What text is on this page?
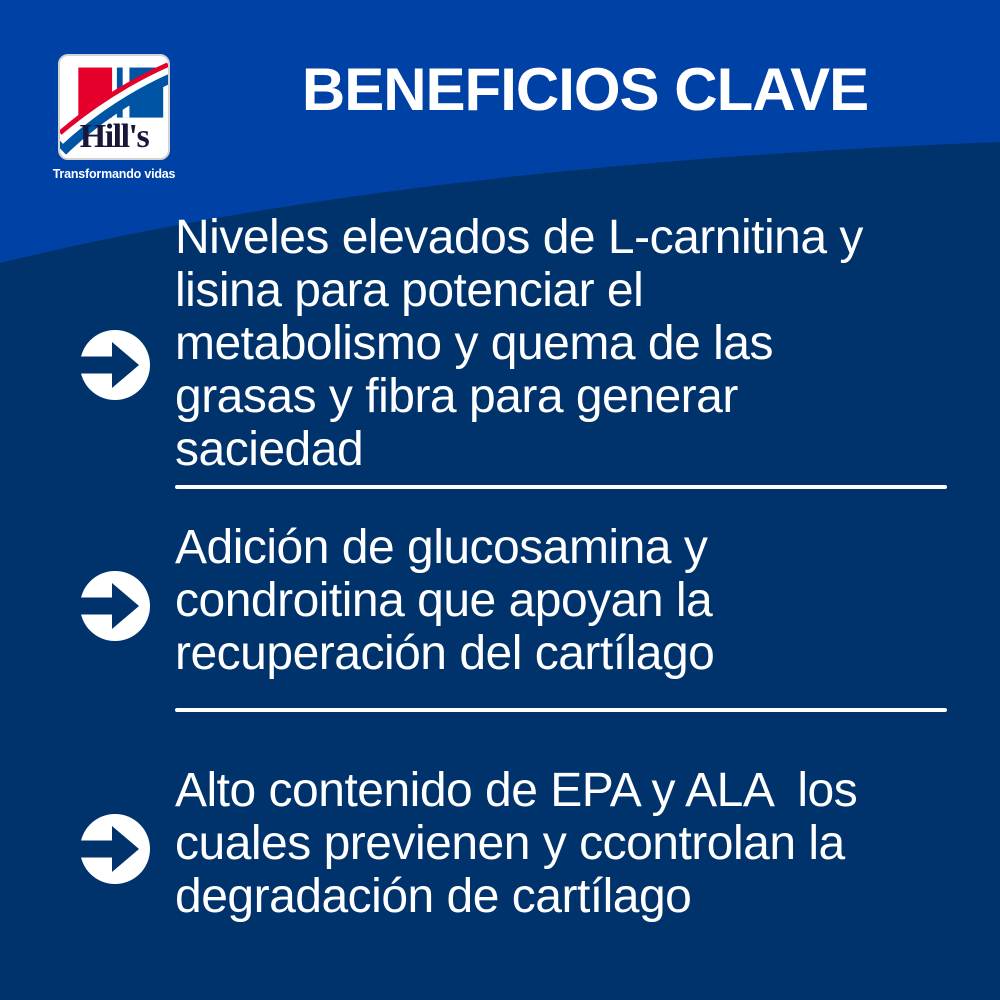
Hill's
Transformando vidas
BENEFICIOS CLAVE
Niveles elevados de L-carnitina y
lisina para potenciar el
metabolismo y quema de las
grasas y fibra para generar
saciedad
Adición de glucosamina y
condroitina que apoyan la
recuperación del cartílago
Alto contenido de EPA y ALA  los
cuales previenen y ccontrolan la
degradación de cartílago
